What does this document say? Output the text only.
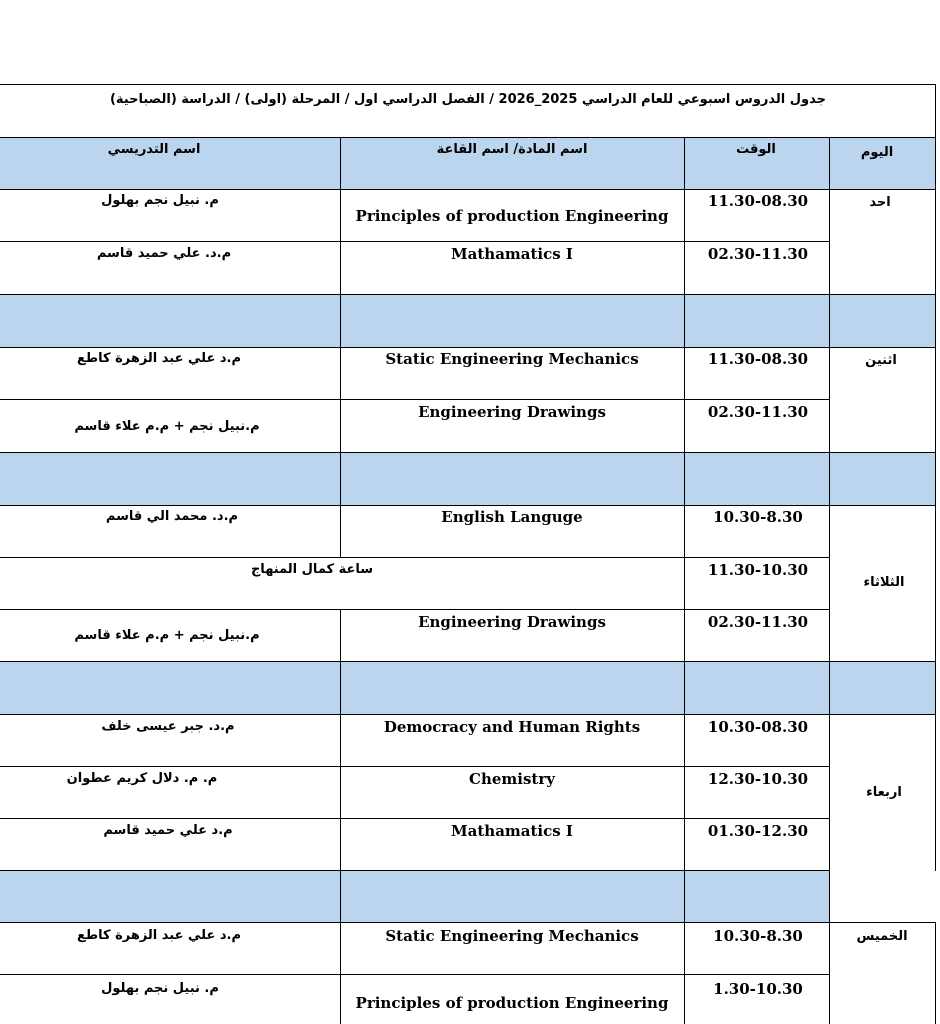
جدول الدروس اسبوعي للعام الدراسي 2025_2026 / الفصل الدراسي اول / المرحلة (اولى) / الدراسة (الصباحية)
اليوم
الوقت
اسم المادة/ اسم القاعة
اسم التدريسي
احد
11.30-08.30
Principles of production Engineering
م. نبيل نجم بهلول
02.30-11.30
Mathamatics I
م.د. علي حميد قاسم
اثنين
11.30-08.30
Static Engineering Mechanics
م.د علي عبد الزهرة كاطع
02.30-11.30
Engineering Drawings
م.نبيل نجم + م.م علاء قاسم
الثلاثاء
10.30-8.30
English Languge
م.د. محمد الي قاسم
11.30-10.30
ساعة كمال المنهاج
02.30-11.30
Engineering Drawings
م.نبيل نجم + م.م علاء قاسم
اربعاء
10.30-08.30
Democracy and Human Rights
م.د. جبر عيسى خلف
12.30-10.30
Chemistry
م. م. دلال كريم عطوان
01.30-12.30
Mathamatics I
م.د علي حميد قاسم
الخميس
10.30-8.30
Static Engineering Mechanics
م.د علي عبد الزهرة كاطع
1.30-10.30
Principles of production Engineering
م. نبيل نجم بهلول
